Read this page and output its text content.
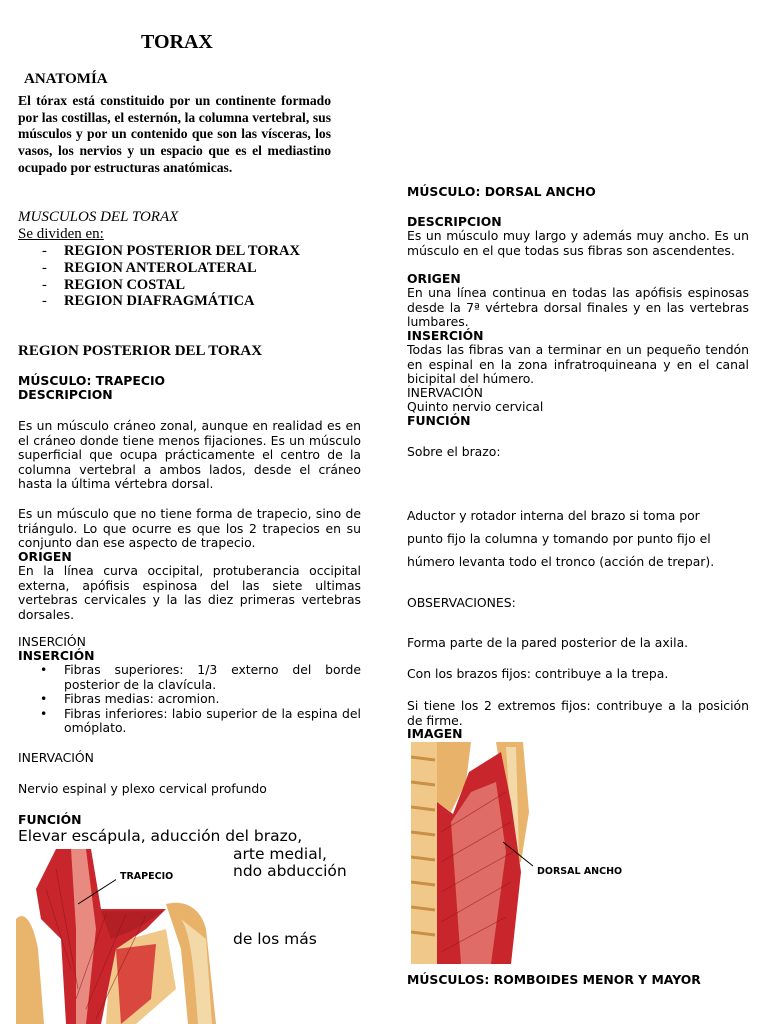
TORAX
ANATOMÍA

El tórax está constituido por un continente formado por las costillas, el esternón, la columna vertebral, sus músculos y por un contenido que son las vísceras, los vasos, los nervios y un espacio que es el mediastino ocupado por estructuras anatómicas.

MUSCULOS DEL TORAX
Se dividen en:
- REGION POSTERIOR DEL TORAX
- REGION ANTEROLATERAL
- REGION COSTAL
- REGION DIAFRAGMÁTICA
REGION POSTERIOR DEL TORAX
MÚSCULO: TRAPECIO
DESCRIPCION

Es un músculo cráneo zonal, aunque en realidad es en el cráneo donde tiene menos fijaciones. Es un músculo superficial que ocupa prácticamente el centro de la columna vertebral a ambos lados, desde el cráneo hasta la última vértebra dorsal.

Es un músculo que no tiene forma de trapecio, sino de triángulo. Lo que ocurre es que los 2 trapecios en su conjunto dan ese aspecto de trapecio.

ORIGEN

En la línea curva occipital, protuberancia occipital externa, apófisis espinosa del las siete ultimas vertebras cervicales y la las diez primeras vertebras dorsales.

INSERCIÓN
INSERCIÓN
• Fibras superiores: 1/3 externo del borde posterior de la clavícula.
• Fibras medias: acromion.
• Fibras inferiores: labio superior de la espina del omóplato.
INERVACIÓN
Nervio espinal y plexo cervical profundo
FUNCIÓN
Elevar escápula, aducción del brazo,
arte medial,
ndo abducción
de los más
TRAPECIO
MÚSCULO: DORSAL ANCHO
DESCRIPCION

Es un músculo muy largo y además muy ancho. Es un músculo en el que todas sus fibras son ascendentes.

ORIGEN

En una línea continua en todas las apófisis espinosas desde la 7ª vértebra dorsal finales y en las vertebras lumbares.

INSERCIÓN

Todas las fibras van a terminar en un pequeño tendón en espinal en la zona infratroquineana y en el canal bicipital del húmero.

INERVACIÓN
Quinto nervio cervical
FUNCIÓN
Sobre el brazo:
Aductor y rotador interna del brazo si toma por
punto fijo la columna y tomando por punto fijo el
húmero levanta todo el tronco (acción de trepar).
OBSERVACIONES:
Forma parte de la pared posterior de la axila.
Con los brazos fijos: contribuye a la trepa.

Si tiene los 2 extremos fijos: contribuye a la posición de firme.

IMAGEN
DORSAL ANCHO
MÚSCULOS: ROMBOIDES MENOR Y MAYOR
